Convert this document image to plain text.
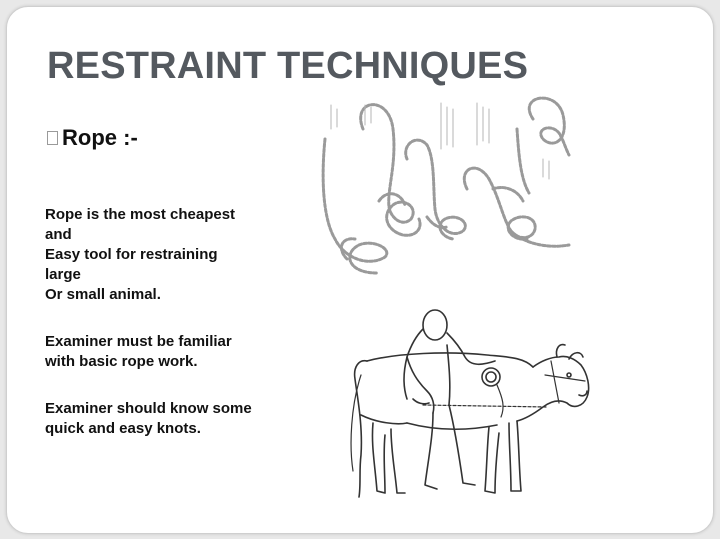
RESTRAINT TECHNIQUES
Rope :-

Rope is the most cheapest
and
Easy tool for restraining
large
Or small animal.

Examiner must be familiar
with basic rope work.

Examiner should know some
quick and easy knots.
